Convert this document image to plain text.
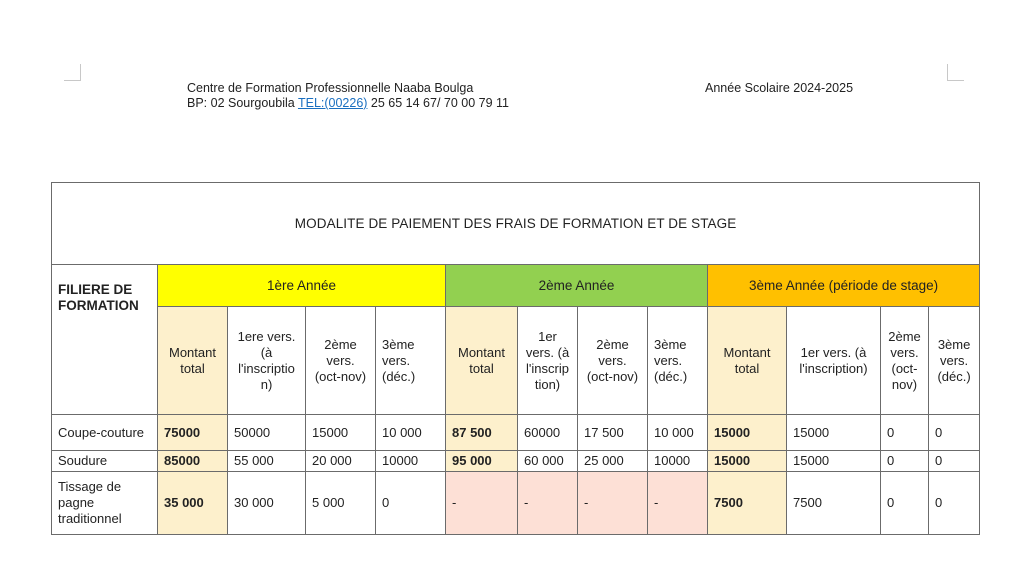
Centre de Formation Professionnelle Naaba Boulga
BP: 02 Sourgoubila TEL:(00226) 25 65 14 67/ 70 00 79 11
Année Scolaire 2024-2025
MODALITE DE PAIEMENT DES FRAIS DE FORMATION ET DE STAGE												
FILIERE DE FORMATION	1ère Année				2ème Année				3ème Année (période de stage)			
	Montant total	1ere vers. (à l'inscriptio n)	2ème vers. (oct-nov)	3ème vers. (déc.)	Montant total	1er vers. (à l'inscrip tion)	2ème vers. (oct-nov)	3ème vers. (déc.)	Montant total	1er vers. (à l'inscription)	2ème vers. (oct- nov)	3ème vers. (déc.)
Coupe-couture	75000	50000	15000	10 000	87 500	60000	17 500	10 000	15000	15000	0	0
Soudure	85000	55 000	20 000	10000	95 000	60 000	25 000	10000	15000	15000	0	0
Tissage de pagne traditionnel	35 000	30 000	5 000	0	-	-	-	-	7500	7500	0	0
